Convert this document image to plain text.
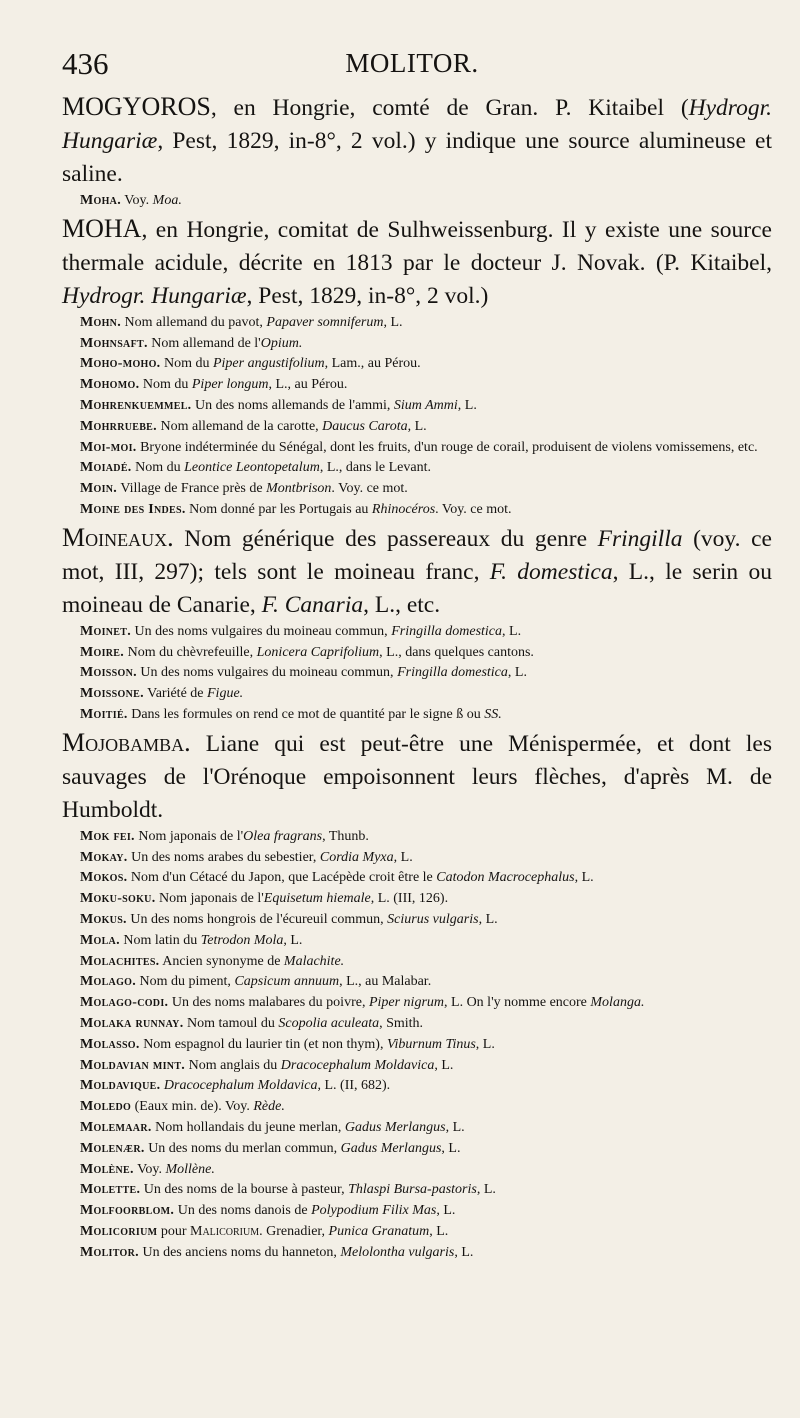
436	MOLITOR.

MOGYOROS, en Hongrie, comté de Gran. P. Kitaibel (Hydrogr. Hungariæ, Pest, 1829, in-8°, 2 vol.) y indique une source alumineuse et saline.

Moha. Voy. Moa.

MOHA, en Hongrie, comitat de Sulhweissenburg. Il y existe une source thermale acidule, décrite en 1813 par le docteur J. Novak. (P. Kitaibel, Hydrogr. Hungariæ, Pest, 1829, in-8°, 2 vol.)

Mohn. Nom allemand du pavot, Papaver somniferum, L.

Mohnsaft. Nom allemand de l'Opium.

Moho-moho. Nom du Piper angustifolium, Lam., au Pérou.

Mohomo. Nom du Piper longum, L., au Pérou.

Mohrenkuemmel. Un des noms allemands de l'ammi, Sium Ammi, L.

Mohrruebe. Nom allemand de la carotte, Daucus Carota, L.

Moi-moi. Bryone indéterminée du Sénégal, dont les fruits, d'un rouge de corail, produisent de violens vomissemens, etc.

Moiadé. Nom du Leontice Leontopetalum, L., dans le Levant.

Moin. Village de France près de Montbrison. Voy. ce mot.

Moine des Indes. Nom donné par les Portugais au Rhinocéros. Voy. ce mot.

Moineaux. Nom générique des passereaux du genre Fringilla (voy. ce mot, III, 297); tels sont le moineau franc, F. domestica, L., le serin ou moineau de Canarie, F. Canaria, L., etc.

Moinet. Un des noms vulgaires du moineau commun, Fringilla domestica, L.

Moire. Nom du chèvrefeuille, Lonicera Caprifolium, L., dans quelques cantons.

Moisson. Un des noms vulgaires du moineau commun, Fringilla domestica, L.

Moissone. Variété de Figue.

Moitié. Dans les formules on rend ce mot de quantité par le signe ß ou SS.

Mojobamba. Liane qui est peut-être une Ménispermée, et dont les sauvages de l'Orénoque empoisonnent leurs flèches, d'après M. de Humboldt.

Mok fei. Nom japonais de l'Olea fragrans, Thunb.

Mokay. Un des noms arabes du sebestier, Cordia Myxa, L.

Mokos. Nom d'un Cétacé du Japon, que Lacépède croit être le Catodon Macrocephalus, L.

Moku-soku. Nom japonais de l'Equisetum hiemale, L. (III, 126).

Mokus. Un des noms hongrois de l'écureuil commun, Sciurus vulgaris, L.

Mola. Nom latin du Tetrodon Mola, L.

Molachites. Ancien synonyme de Malachite.

Molago. Nom du piment, Capsicum annuum, L., au Malabar.

Molago-codi. Un des noms malabares du poivre, Piper nigrum, L. On l'y nomme encore Molanga.

Molaka runnay. Nom tamoul du Scopolia aculeata, Smith.

Molasso. Nom espagnol du laurier tin (et non thym), Viburnum Tinus, L.

Moldavian mint. Nom anglais du Dracocephalum Moldavica, L.

Moldavique. Dracocephalum Moldavica, L. (II, 682).

Moledo (Eaux min. de). Voy. Rède.

Molemaar. Nom hollandais du jeune merlan, Gadus Merlangus, L.

Molenær. Un des noms du merlan commun, Gadus Merlangus, L.

Molène. Voy. Mollène.

Molette. Un des noms de la bourse à pasteur, Thlaspi Bursa-pastoris, L.

Molfoorblom. Un des noms danois de Polypodium Filix Mas, L.

Molicorium pour Malicorium. Grenadier, Punica Granatum, L.

Molitor. Un des anciens noms du hanneton, Melolontha vulgaris, L.
